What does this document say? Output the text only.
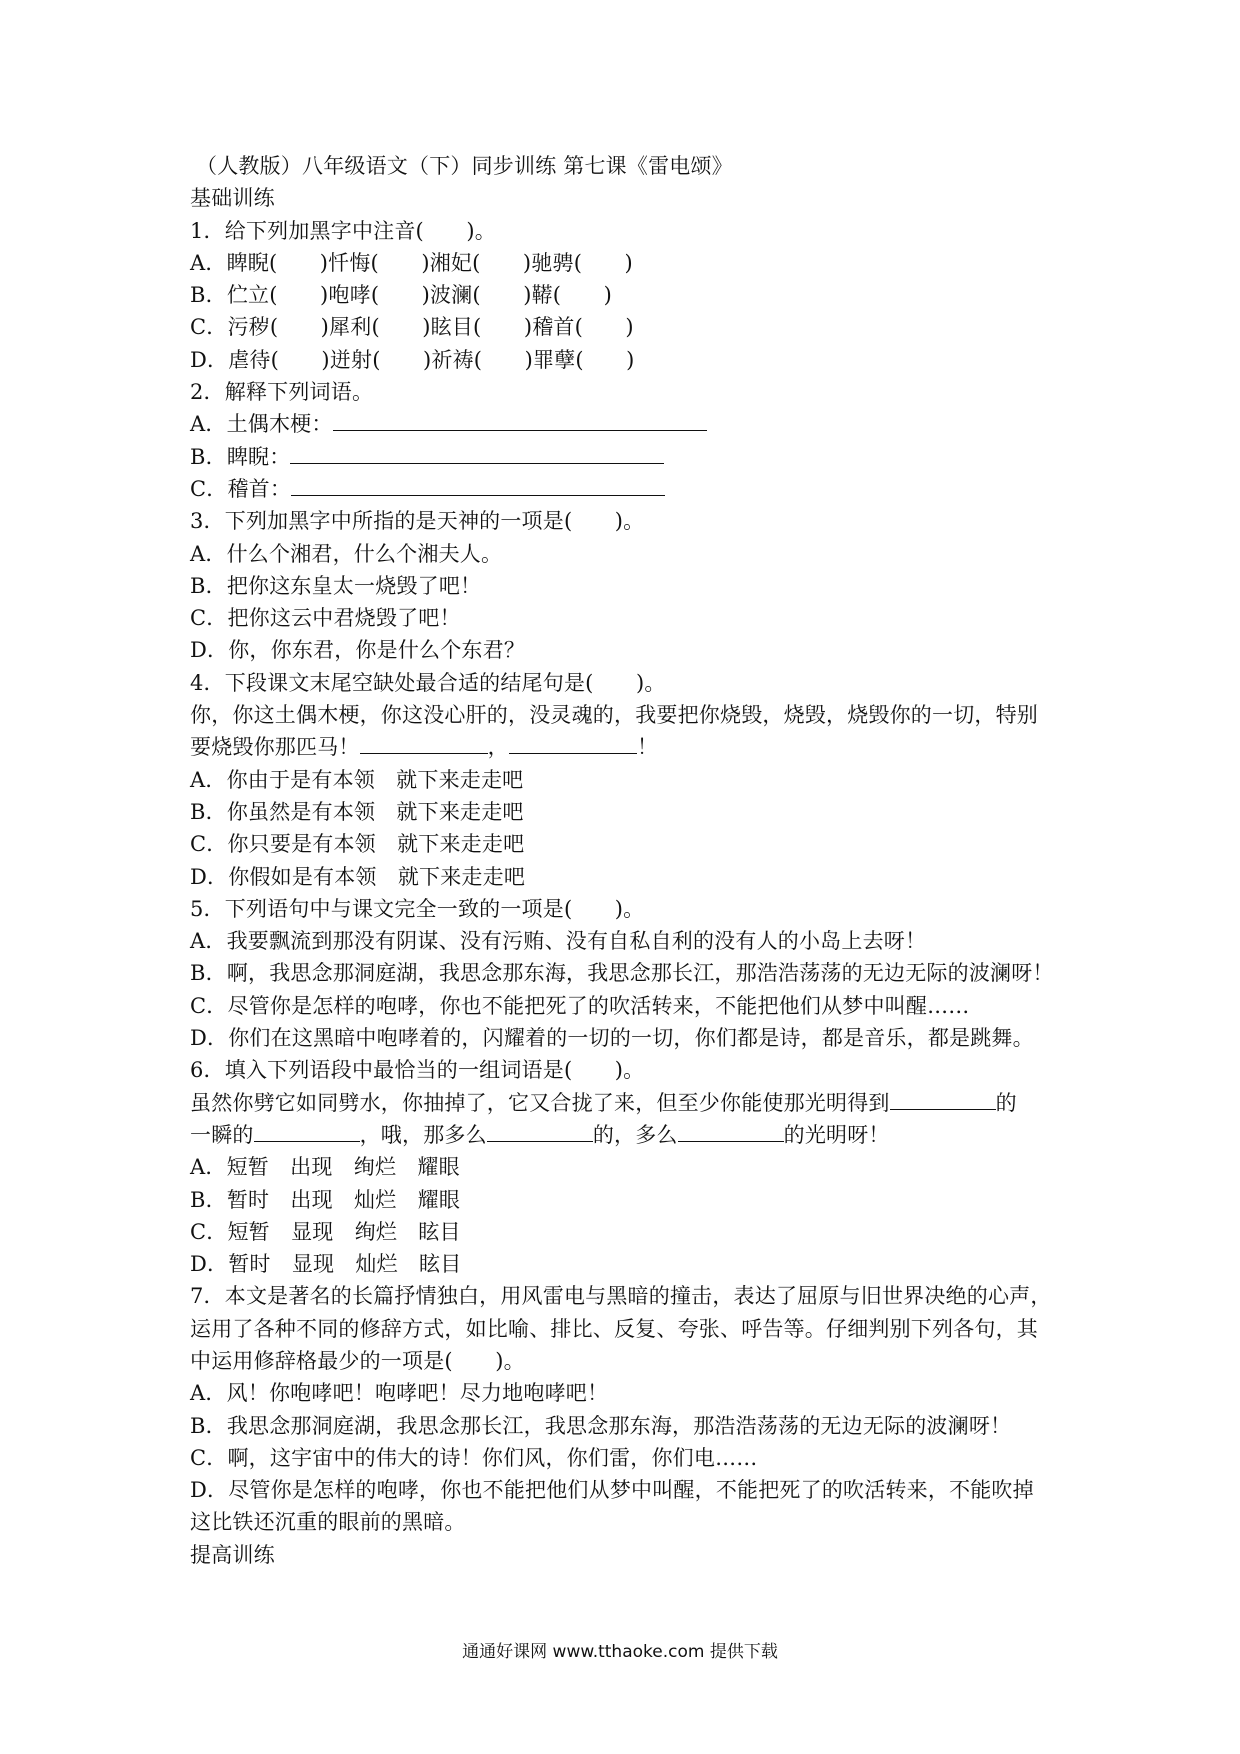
（人教版）八年级语文（下）同步训练 第七课《雷电颂》
基础训练
1．给下列加黑字中注音(　　)。
A．睥睨(　　)忏悔(　　)湘妃(　　)驰骋(　　)
B．伫立(　　)咆哮(　　)波澜(　　)鞯(　　)
C．污秽(　　)犀利(　　)眩目(　　)稽首(　　)
D．虐待(　　)迸射(　　)祈祷(　　)罪孽(　　)
2．解释下列词语。
A．土偶木梗：
B．睥睨：
C．稽首：
3．下列加黑字中所指的是天神的一项是(　　)。
A．什么个湘君，什么个湘夫人。
B．把你这东皇太一烧毁了吧！
C．把你这云中君烧毁了吧！
D．你，你东君，你是什么个东君？
4．下段课文末尾空缺处最合适的结尾句是(　　)。
你，你这土偶木梗，你这没心肝的，没灵魂的，我要把你烧毁，烧毁，烧毁你的一切，特别
要烧毁你那匹马！	，	！
A．你由于是有本领　就下来走走吧
B．你虽然是有本领　就下来走走吧
C．你只要是有本领　就下来走走吧
D．你假如是有本领　就下来走走吧
5．下列语句中与课文完全一致的一项是(　　)。
A．我要飘流到那没有阴谋、没有污贿、没有自私自利的没有人的小岛上去呀！
B．啊，我思念那洞庭湖，我思念那东海，我思念那长江，那浩浩荡荡的无边无际的波澜呀！
C．尽管你是怎样的咆哮，你也不能把死了的吹活转来，不能把他们从梦中叫醒……
D．你们在这黑暗中咆哮着的，闪耀着的一切的一切，你们都是诗，都是音乐，都是跳舞。
6．填入下列语段中最恰当的一组词语是(　　)。
虽然你劈它如同劈水，你抽掉了，它又合拢了来，但至少你能使那光明得到	的
一瞬的	，哦，那多么	的，多么	的光明呀！
A．短暂　出现　绚烂　耀眼
B．暂时　出现　灿烂　耀眼
C．短暂　显现　绚烂　眩目
D．暂时　显现　灿烂　眩目
7．本文是著名的长篇抒情独白，用风雷电与黑暗的撞击，表达了屈原与旧世界决绝的心声，
运用了各种不同的修辞方式，如比喻、排比、反复、夸张、呼告等。仔细判别下列各句，其
中运用修辞格最少的一项是(　　)。
A．风！你咆哮吧！咆哮吧！尽力地咆哮吧！
B．我思念那洞庭湖，我思念那长江，我思念那东海，那浩浩荡荡的无边无际的波澜呀！
C．啊，这宇宙中的伟大的诗！你们风，你们雷，你们电……
D．尽管你是怎样的咆哮，你也不能把他们从梦中叫醒，不能把死了的吹活转来，不能吹掉
这比铁还沉重的眼前的黑暗。
提高训练
通通好课网 www.tthaoke.com 提供下载
